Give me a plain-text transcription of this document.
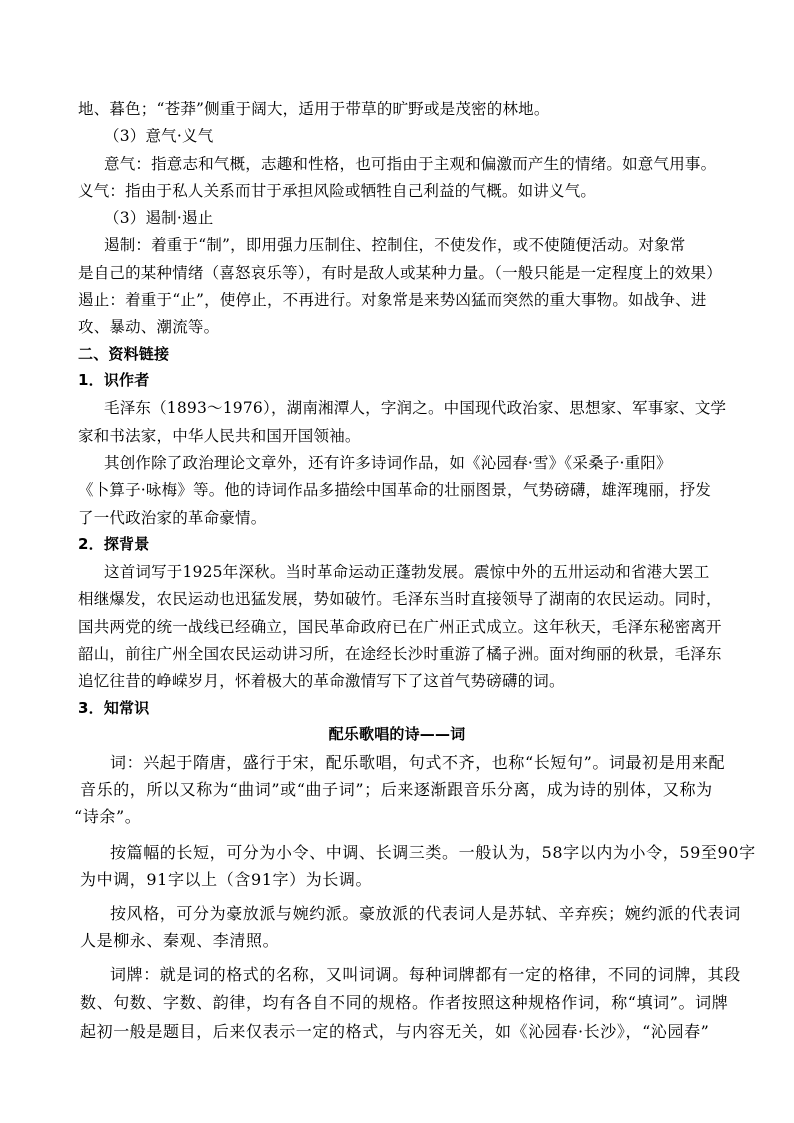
地、暮色；“苍莽”侧重于阔大，适用于带草的旷野或是茂密的林地。
（3）意气·义气
意气：指意志和气概，志趣和性格，也可指由于主观和偏激而产生的情绪。如意气用事。
义气：指由于私人关系而甘于承担风险或牺牲自己利益的气概。如讲义气。
（3）遏制·遏止
遏制：着重于“制”，即用强力压制住、控制住，不使发作，或不使随便活动。对象常
是自己的某种情绪（喜怒哀乐等），有时是敌人或某种力量。（一般只能是一定程度上的效果）
遏止：着重于“止”，使停止，不再进行。对象常是来势凶猛而突然的重大事物。如战争、进
攻、暴动、潮流等。
二、资料链接
1．识作者
毛泽东（1893～1976），湖南湘潭人，字润之。中国现代政治家、思想家、军事家、文学
家和书法家，中华人民共和国开国领袖。
其创作除了政治理论文章外，还有许多诗词作品，如《沁园春·雪》《采桑子·重阳》
《卜算子·咏梅》等。他的诗词作品多描绘中国革命的壮丽图景，气势磅礴，雄浑瑰丽，抒发
了一代政治家的革命豪情。
2．探背景
这首词写于1925年深秋。当时革命运动正蓬勃发展。震惊中外的五卅运动和省港大罢工
相继爆发，农民运动也迅猛发展，势如破竹。毛泽东当时直接领导了湖南的农民运动。同时，
国共两党的统一战线已经确立，国民革命政府已在广州正式成立。这年秋天，毛泽东秘密离开
韶山，前往广州全国农民运动讲习所，在途经长沙时重游了橘子洲。面对绚丽的秋景，毛泽东
追忆往昔的峥嵘岁月，怀着极大的革命激情写下了这首气势磅礴的词。
3．知常识
配乐歌唱的诗——词
词：兴起于隋唐，盛行于宋，配乐歌唱，句式不齐，也称“长短句”。词最初是用来配
音乐的，所以又称为“曲词”或“曲子词”；后来逐渐跟音乐分离，成为诗的别体，又称为
“诗余”。
按篇幅的长短，可分为小令、中调、长调三类。一般认为，58字以内为小令，59至90字
为中调，91字以上（含91字）为长调。
按风格，可分为豪放派与婉约派。豪放派的代表词人是苏轼、辛弃疾；婉约派的代表词
人是柳永、秦观、李清照。
词牌：就是词的格式的名称，又叫词调。每种词牌都有一定的格律，不同的词牌，其段
数、句数、字数、韵律，均有各自不同的规格。作者按照这种规格作词，称“填词”。词牌
起初一般是题目，后来仅表示一定的格式，与内容无关，如《沁园春·长沙》，“沁园春”
